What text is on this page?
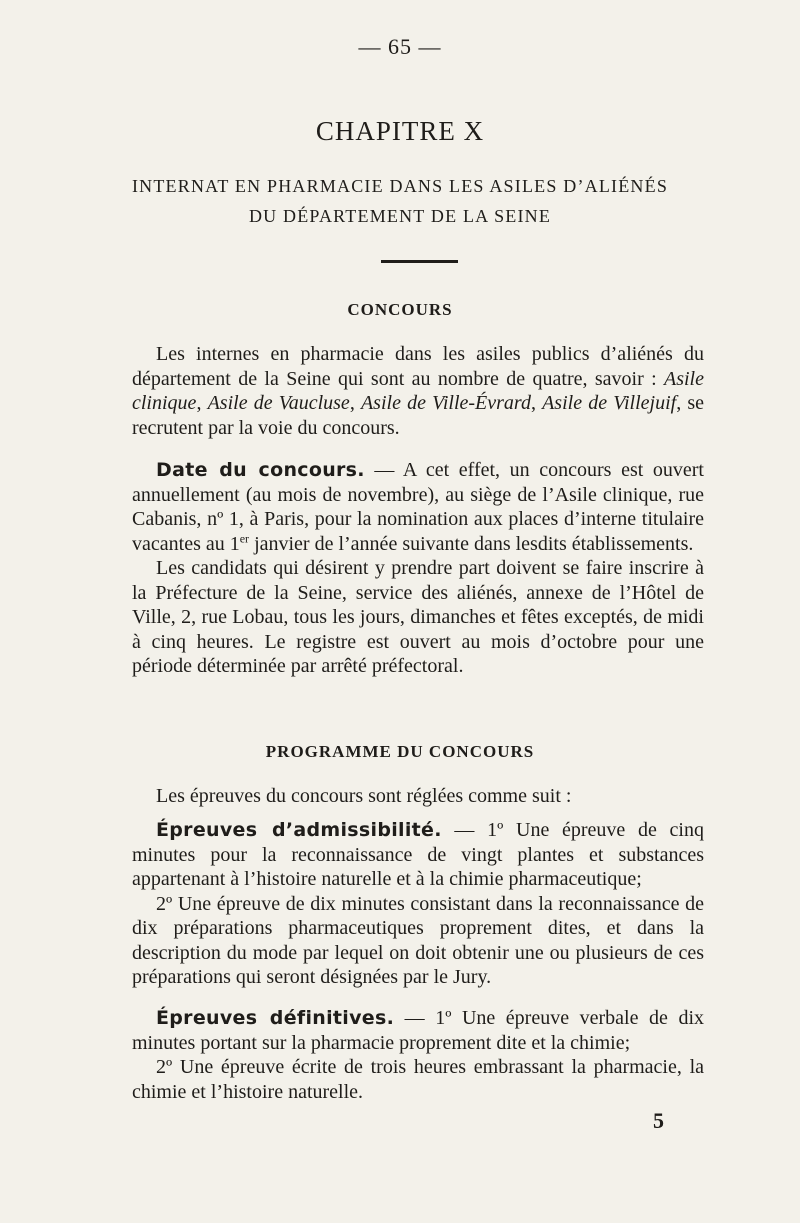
— 65 —

CHAPITRE X

INTERNAT EN PHARMACIE DANS LES ASILES D’ALIÉNÉS

DU DÉPARTEMENT DE LA SEINE

CONCOURS

Les internes en pharmacie dans les asiles publics d’aliénés du département de la Seine qui sont au nombre de quatre, savoir : Asile clinique, Asile de Vaucluse, Asile de Ville-Évrard, Asile de Villejuif, se recrutent par la voie du concours.

Date du concours. — A cet effet, un concours est ouvert annuellement (au mois de novembre), au siège de l’Asile clinique, rue Cabanis, nº 1, à Paris, pour la nomination aux places d’interne titulaire vacantes au 1er janvier de l’année suivante dans lesdits établissements.

Les candidats qui désirent y prendre part doivent se faire inscrire à la Préfecture de la Seine, service des aliénés, annexe de l’Hôtel de Ville, 2, rue Lobau, tous les jours, dimanches et fêtes exceptés, de midi à cinq heures. Le registre est ouvert au mois d’octobre pour une période déterminée par arrêté préfectoral.

PROGRAMME DU CONCOURS

Les épreuves du concours sont réglées comme suit :

Épreuves d’admissibilité. — 1º Une épreuve de cinq minutes pour la reconnaissance de vingt plantes et substances appartenant à l’histoire naturelle et à la chimie pharmaceutique;

2º Une épreuve de dix minutes consistant dans la reconnaissance de dix préparations pharmaceutiques proprement dites, et dans la description du mode par lequel on doit obtenir une ou plusieurs de ces préparations qui seront désignées par le Jury.

Épreuves définitives. — 1º Une épreuve verbale de dix minutes portant sur la pharmacie proprement dite et la chimie;

2º Une épreuve écrite de trois heures embrassant la pharmacie, la chimie et l’histoire naturelle.

5
